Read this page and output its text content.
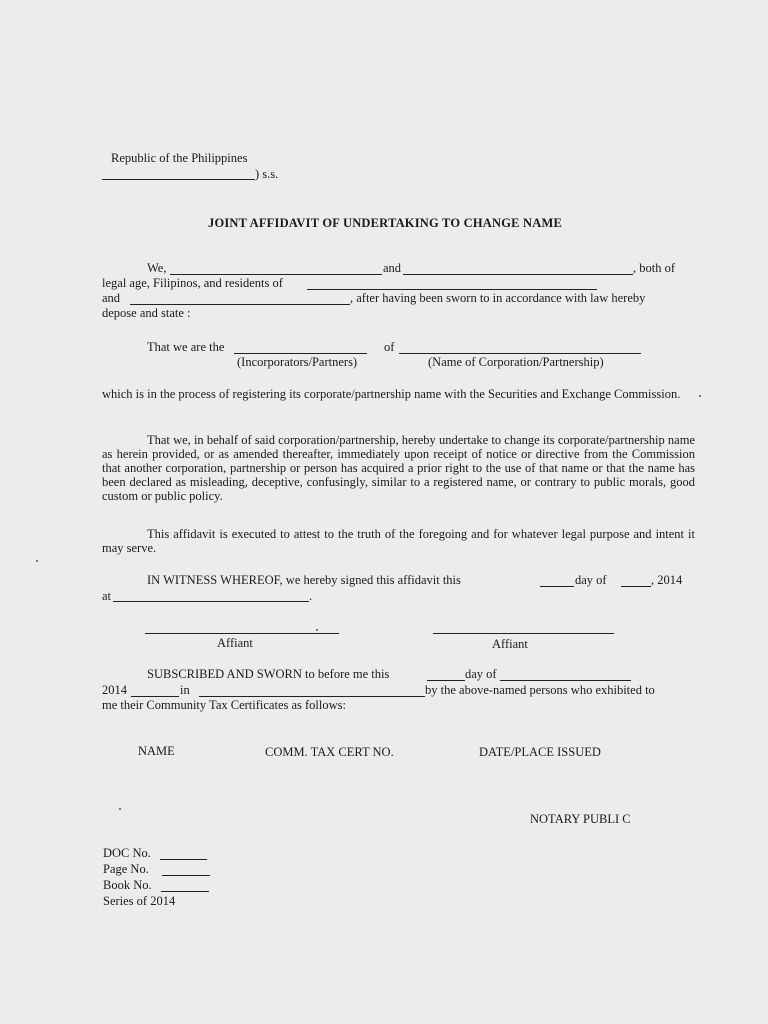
Republic of the Philippines
) s.s.
JOINT AFFIDAVIT OF UNDERTAKING TO CHANGE NAME
We,	and	, both of
legal age, Filipinos, and residents of
and	, after having been sworn to in accordance with law hereby
depose and state :
That we are the	of
(Incorporators/Partners)	(Name of Corporation/Partnership)
which is in the process of registering its corporate/partnership name with the Securities and Exchange Commission.
That we, in behalf of said corporation/partnership, hereby undertake to change its corporate/partnership name as herein provided, or as amended thereafter, immediately upon receipt of notice or directive from the Commission that another corporation, partnership or person has acquired a prior right to the use of that name or that the name has been declared as misleading, deceptive, confusingly, similar to a registered name, or contrary to public morals, good custom or public policy.
This affidavit is executed to attest to the truth of the foregoing and for whatever legal purpose and intent it may serve.
IN WITNESS WHEREOF, we hereby signed this affidavit this	day of	, 2014
at	.
Affiant	Affiant
SUBSCRIBED AND SWORN to before me this	day of
2014	in	by the above-named persons who exhibited to
me their Community Tax Certificates as follows:
NAME	COMM. TAX CERT NO.	DATE/PLACE ISSUED
NOTARY PUBLI C
DOC No.
Page No.
Book No.
Series of 2014
